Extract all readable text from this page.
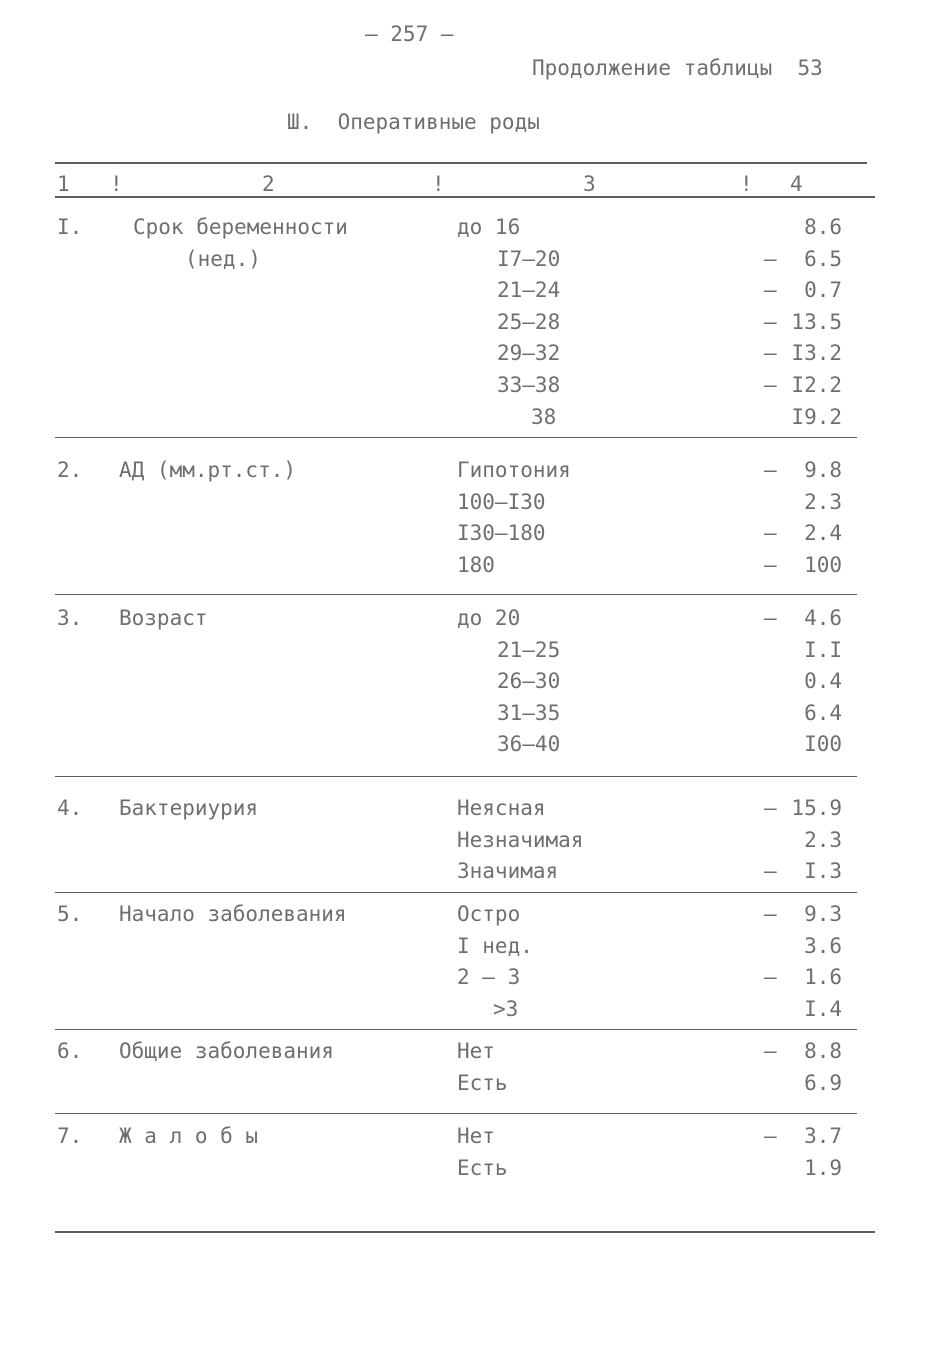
– 257 –
Продолжение таблицы  53
Ш.  Оперативные роды
1 !	2	!	3	! 4
I. Срок беременности
(нед.)
до 16	8.6
I7–20	–	6.5
21–24	–	0.7
25–28	– 13.5
29–32	– I3.2
33–38	– I2.2
38	I9.2
2. АД (мм.рт.ст.)	Гипотония	–	9.8
100–I30	2.3
I30–180	–	2.4
180	–	100
3. Возраст	до 20	–	4.6
21–25	I.I
26–30	0.4
31–35	6.4
36–40	I00
4. Бактериурия	Неясная	– 15.9
Незначимая	2.3
Значимая	–	I.3
5. Начало заболевания	Остро	–	9.3
I нед.	3.6
2 – 3	–	1.6
>3	I.4
6. Общие заболевания	Нет	–	8.8
Есть	6.9
7. Ж а л о б ы	Нет	–	3.7
Есть	1.9
